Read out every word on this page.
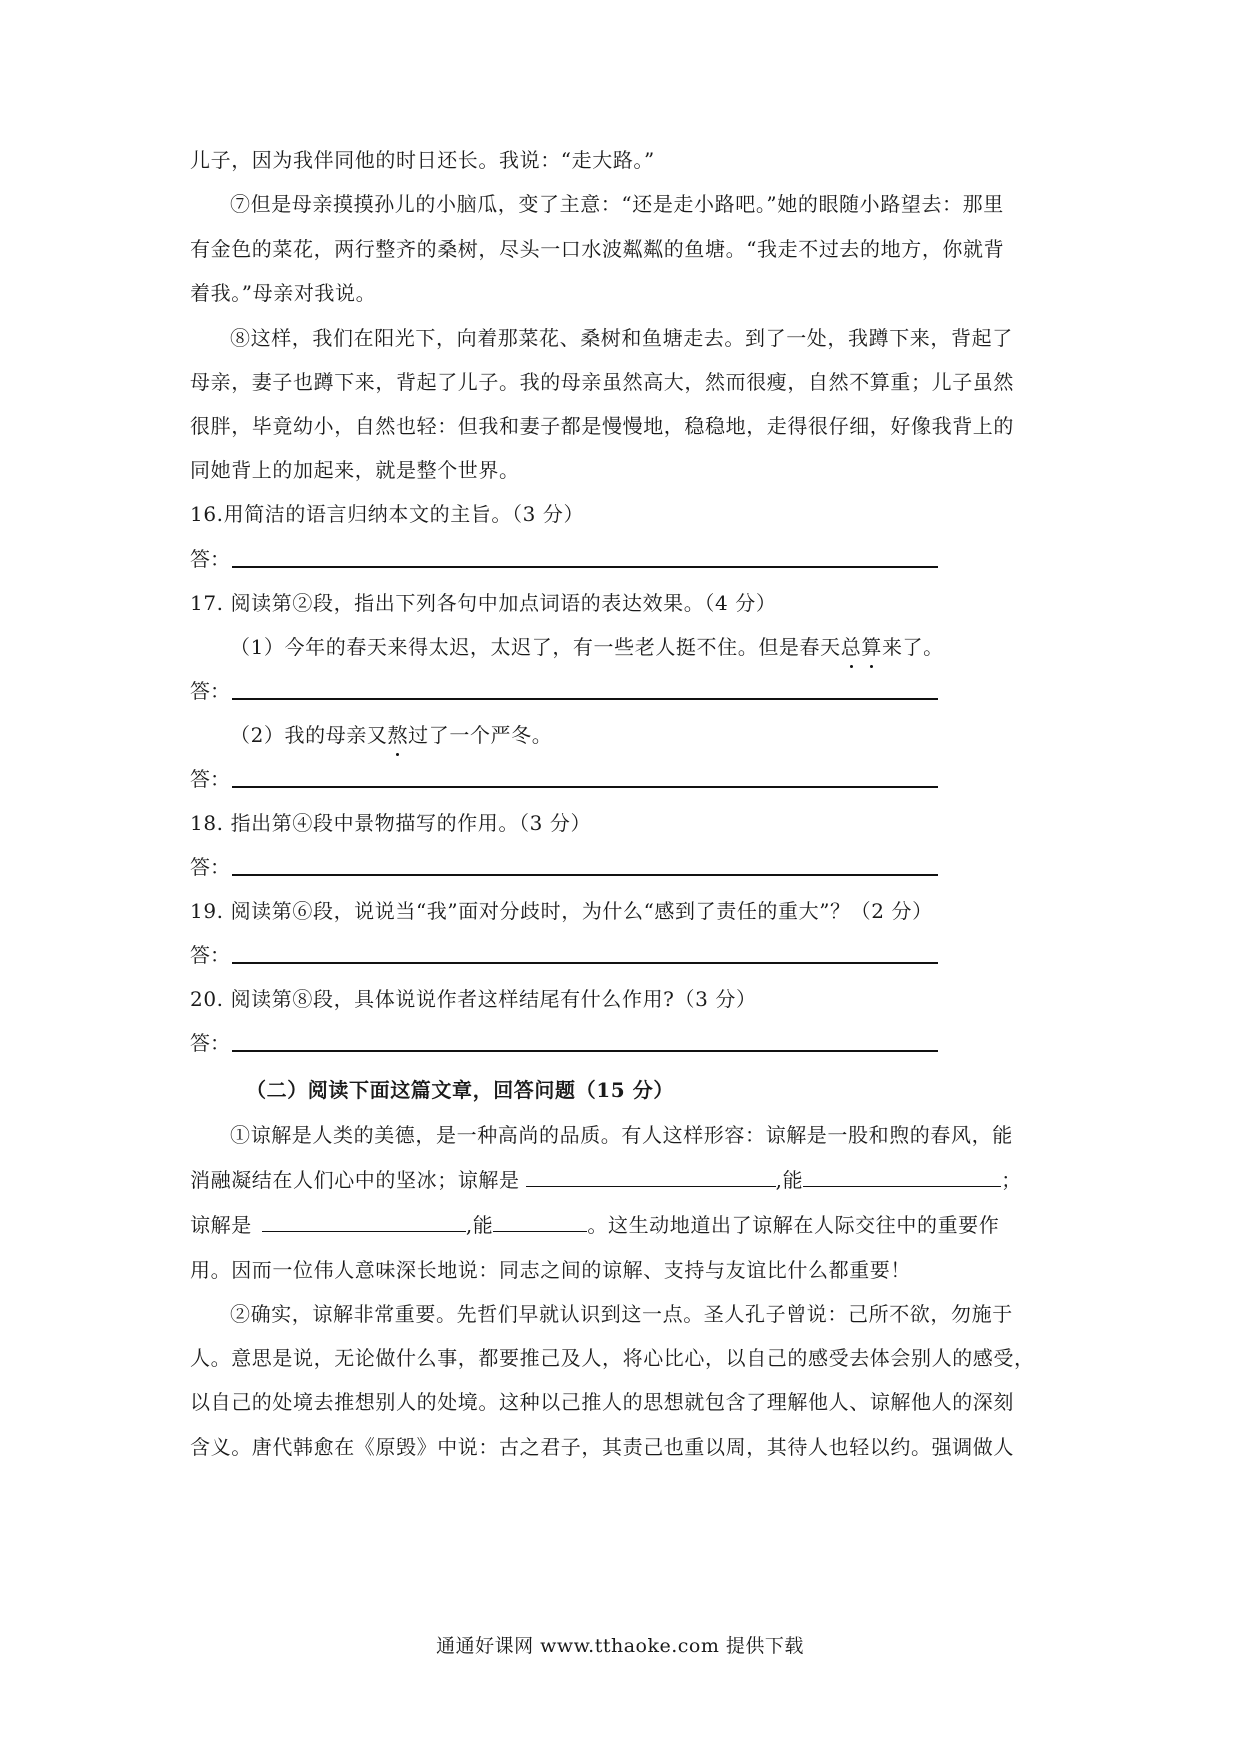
儿子，因为我伴同他的时日还长。我说：“走大路。”
⑦但是母亲摸摸孙儿的小脑瓜，变了主意：“还是走小路吧。”她的眼随小路望去：那里
有金色的菜花，两行整齐的桑树，尽头一口水波粼粼的鱼塘。“我走不过去的地方，你就背
着我。”母亲对我说。
⑧这样，我们在阳光下，向着那菜花、桑树和鱼塘走去。到了一处，我蹲下来，背起了
母亲，妻子也蹲下来，背起了儿子。我的母亲虽然高大，然而很瘦，自然不算重；儿子虽然
很胖，毕竟幼小，自然也轻：但我和妻子都是慢慢地，稳稳地，走得很仔细，好像我背上的
同她背上的加起来，就是整个世界。
16.用简洁的语言归纳本文的主旨。（3 分）
答：
17. 阅读第②段，指出下列各句中加点词语的表达效果。（4 分）
（1）今年的春天来得太迟，太迟了，有一些老人挺不住。但是春天总算来了。
答：
（2）我的母亲又熬过了一个严冬。
答：
18. 指出第④段中景物描写的作用。（3 分）
答：
19. 阅读第⑥段，说说当“我”面对分歧时，为什么“感到了责任的重大”？（2 分）
答：
20. 阅读第⑧段，具体说说作者这样结尾有什么作用?（3 分）
答：
（二）阅读下面这篇文章，回答问题（15 分）
①谅解是人类的美德，是一种高尚的品质。有人这样形容：谅解是一股和煦的春风，能
消融凝结在人们心中的坚冰；谅解是	,能	；
谅解是	,能	。这生动地道出了谅解在人际交往中的重要作
用。因而一位伟人意味深长地说：同志之间的谅解、支持与友谊比什么都重要！
②确实，谅解非常重要。先哲们早就认识到这一点。圣人孔子曾说：己所不欲，勿施于
人。意思是说，无论做什么事，都要推己及人，将心比心，以自己的感受去体会别人的感受，
以自己的处境去推想别人的处境。这种以己推人的思想就包含了理解他人、谅解他人的深刻
含义。唐代韩愈在《原毁》中说：古之君子，其责己也重以周，其待人也轻以约。强调做人
通通好课网 www.tthaoke.com 提供下载
